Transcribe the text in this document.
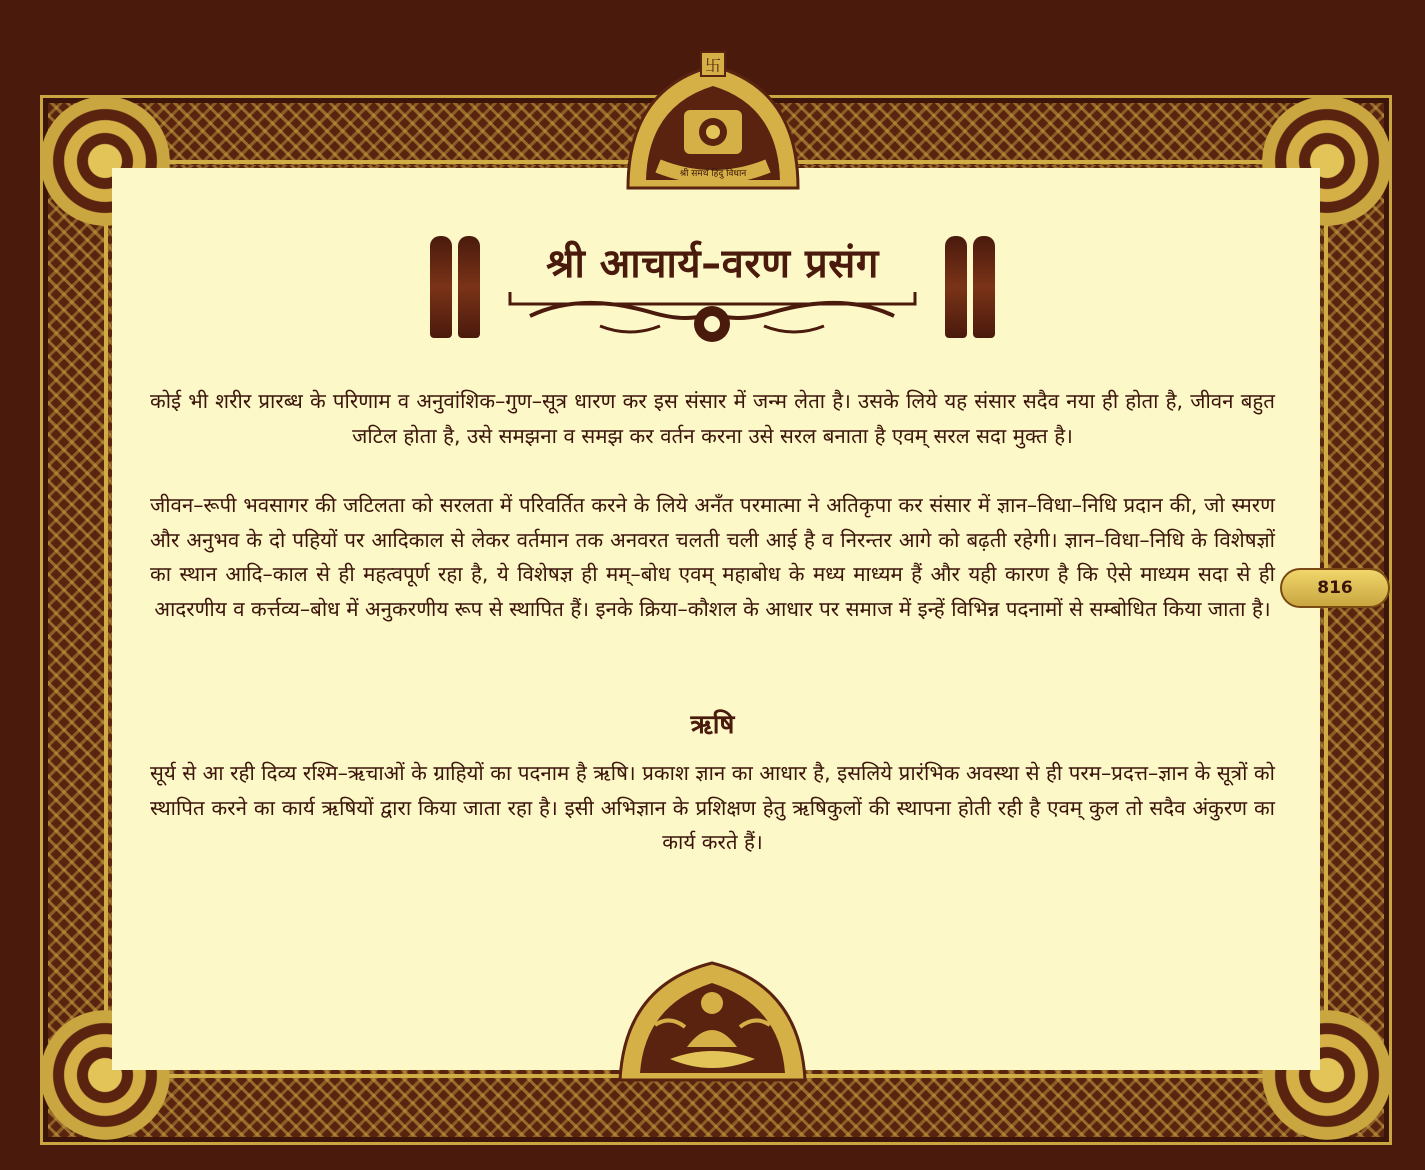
卐
श्री समर्थ हिंदु विधान
श्री आचार्य–वरण प्रसंग
कोई भी शरीर प्रारब्ध के परिणाम व अनुवांशिक–गुण–सूत्र धारण कर इस संसार में जन्म लेता है। उसके लिये यह संसार सदैव नया ही होता है, जीवन बहुत जटिल होता है, उसे समझना व समझ कर वर्तन करना उसे सरल बनाता है एवम् सरल सदा मुक्त है।
जीवन–रूपी भवसागर की जटिलता को सरलता में परिवर्तित करने के लिये अनँत परमात्मा ने अतिकृपा कर संसार में ज्ञान–विधा–निधि प्रदान की, जो स्मरण और अनुभव के दो पहियों पर आदिकाल से लेकर वर्तमान तक अनवरत चलती चली आई है व निरन्तर आगे को बढ़ती रहेगी। ज्ञान–विधा–निधि के विशेषज्ञों का स्थान आदि–काल से ही महत्वपूर्ण रहा है, ये विशेषज्ञ ही मम्–बोध एवम् महाबोध के मध्य माध्यम हैं और यही कारण है कि ऐसे माध्यम सदा से ही आदरणीय व कर्त्तव्य–बोध में अनुकरणीय रूप से स्थापित हैं। इनके क्रिया–कौशल के आधार पर समाज में इन्हें विभिन्न पदनामों से सम्बोधित किया जाता है।
ऋषि
सूर्य से आ रही दिव्य रश्मि–ऋचाओं के ग्राहियों का पदनाम है ऋषि। प्रकाश ज्ञान का आधार है, इसलिये प्रारंभिक अवस्था से ही परम–प्रदत्त–ज्ञान के सूत्रों को स्थापित करने का कार्य ऋषियों द्वारा किया जाता रहा है। इसी अभिज्ञान के प्रशिक्षण हेतु ऋषिकुलों की स्थापना होती रही है एवम् कुल तो सदैव अंकुरण का कार्य करते हैं।
816
